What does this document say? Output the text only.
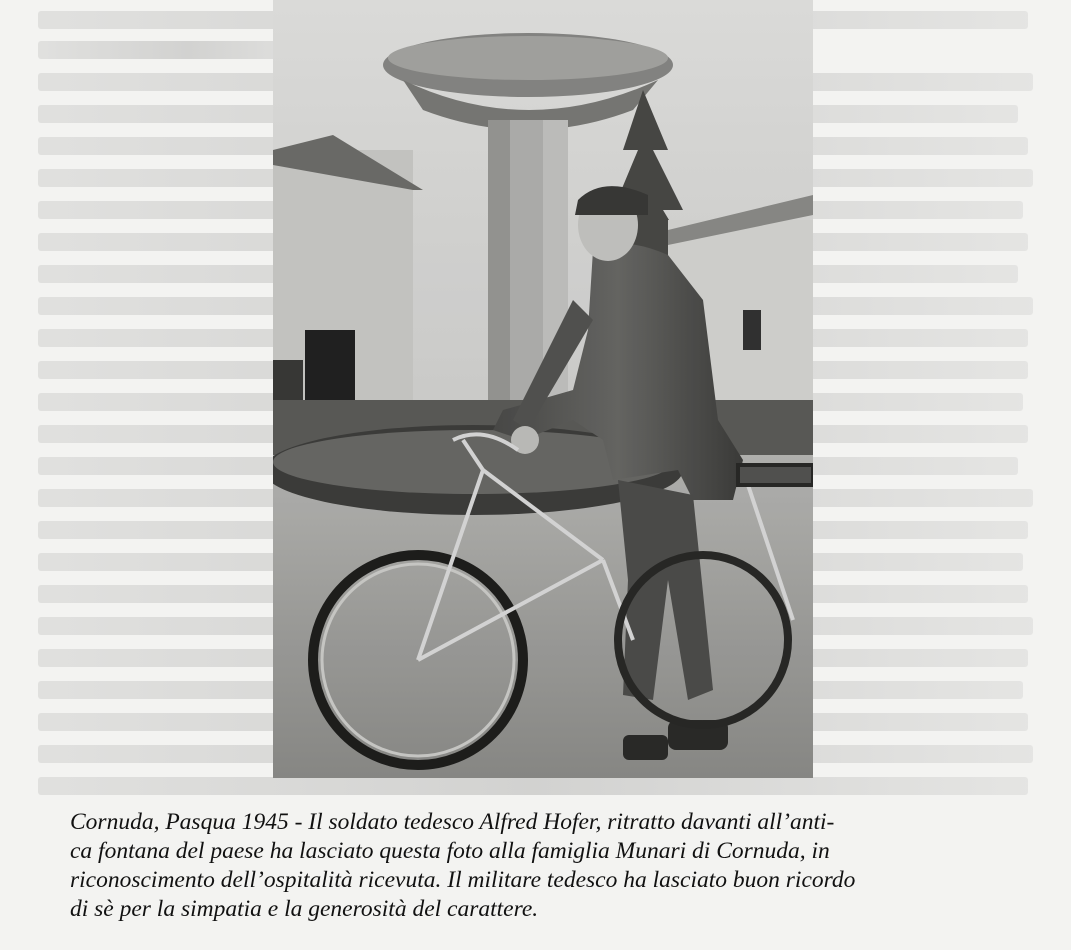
Cornuda, Pasqua 1945 - Il soldato tedesco Alfred Hofer, ritratto davanti all’anti-
ca fontana del paese ha lasciato questa foto alla famiglia Munari di Cornuda, in
riconoscimento dell’ospitalità ricevuta. Il militare tedesco ha lasciato buon ricordo
di sè per la simpatia e la generosità del carattere.
